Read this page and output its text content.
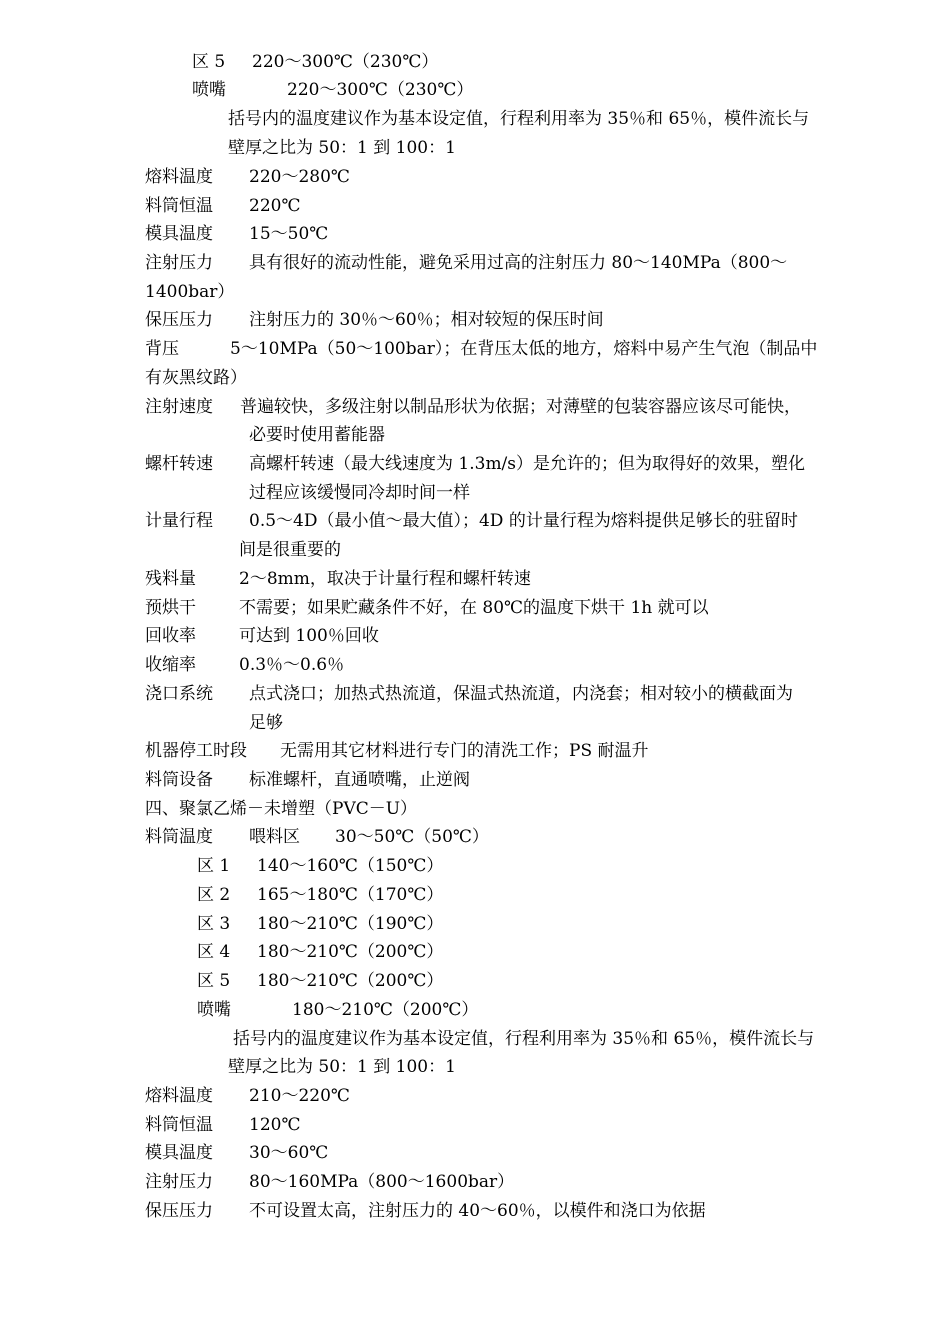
区 5 220～300℃（230℃）
喷嘴	220～300℃（230℃）
括号内的温度建议作为基本设定值，行程利用率为 35％和 65％，模件流长与
壁厚之比为 50：1 到 100：1
熔料温度 220～280℃
料筒恒温 220℃
模具温度 15～50℃
注射压力 具有很好的流动性能，避免采用过高的注射压力 80～140MPa（800～
1400bar）
保压压力 注射压力的 30％～60％；相对较短的保压时间
背压	5～10MPa（50～100bar）；在背压太低的地方，熔料中易产生气泡（制品中
有灰黑纹路）
注射速度 普遍较快，多级注射以制品形状为依据；对薄壁的包装容器应该尽可能快，
必要时使用蓄能器
螺杆转速 高螺杆转速（最大线速度为 1.3m/s）是允许的；但为取得好的效果，塑化
过程应该缓慢同冷却时间一样
计量行程 0.5～4D（最小值～最大值）；4D 的计量行程为熔料提供足够长的驻留时
间是很重要的
残料量	2～8mm，取决于计量行程和螺杆转速
预烘干	不需要；如果贮藏条件不好，在 80℃的温度下烘干 1h 就可以
回收率	可达到 100％回收
收缩率	0.3％～0.6％
浇口系统 点式浇口；加热式热流道，保温式热流道，内浇套；相对较小的横截面为
足够
机器停工时段 无需用其它材料进行专门的清洗工作；PS 耐温升
料筒设备 标准螺杆，直通喷嘴，止逆阀
四、聚氯乙烯－未增塑（PVC－U）
料筒温度 喂料区 30～50℃（50℃）
区 1 140～160℃（150℃）
区 2 165～180℃（170℃）
区 3 180～210℃（190℃）
区 4 180～210℃（200℃）
区 5 180～210℃（200℃）
喷嘴	180～210℃（200℃）
括号内的温度建议作为基本设定值，行程利用率为 35％和 65％，模件流长与
壁厚之比为 50：1 到 100：1
熔料温度 210～220℃
料筒恒温 120℃
模具温度 30～60℃
注射压力 80～160MPa（800～1600bar）
保压压力 不可设置太高，注射压力的 40～60％，以模件和浇口为依据
